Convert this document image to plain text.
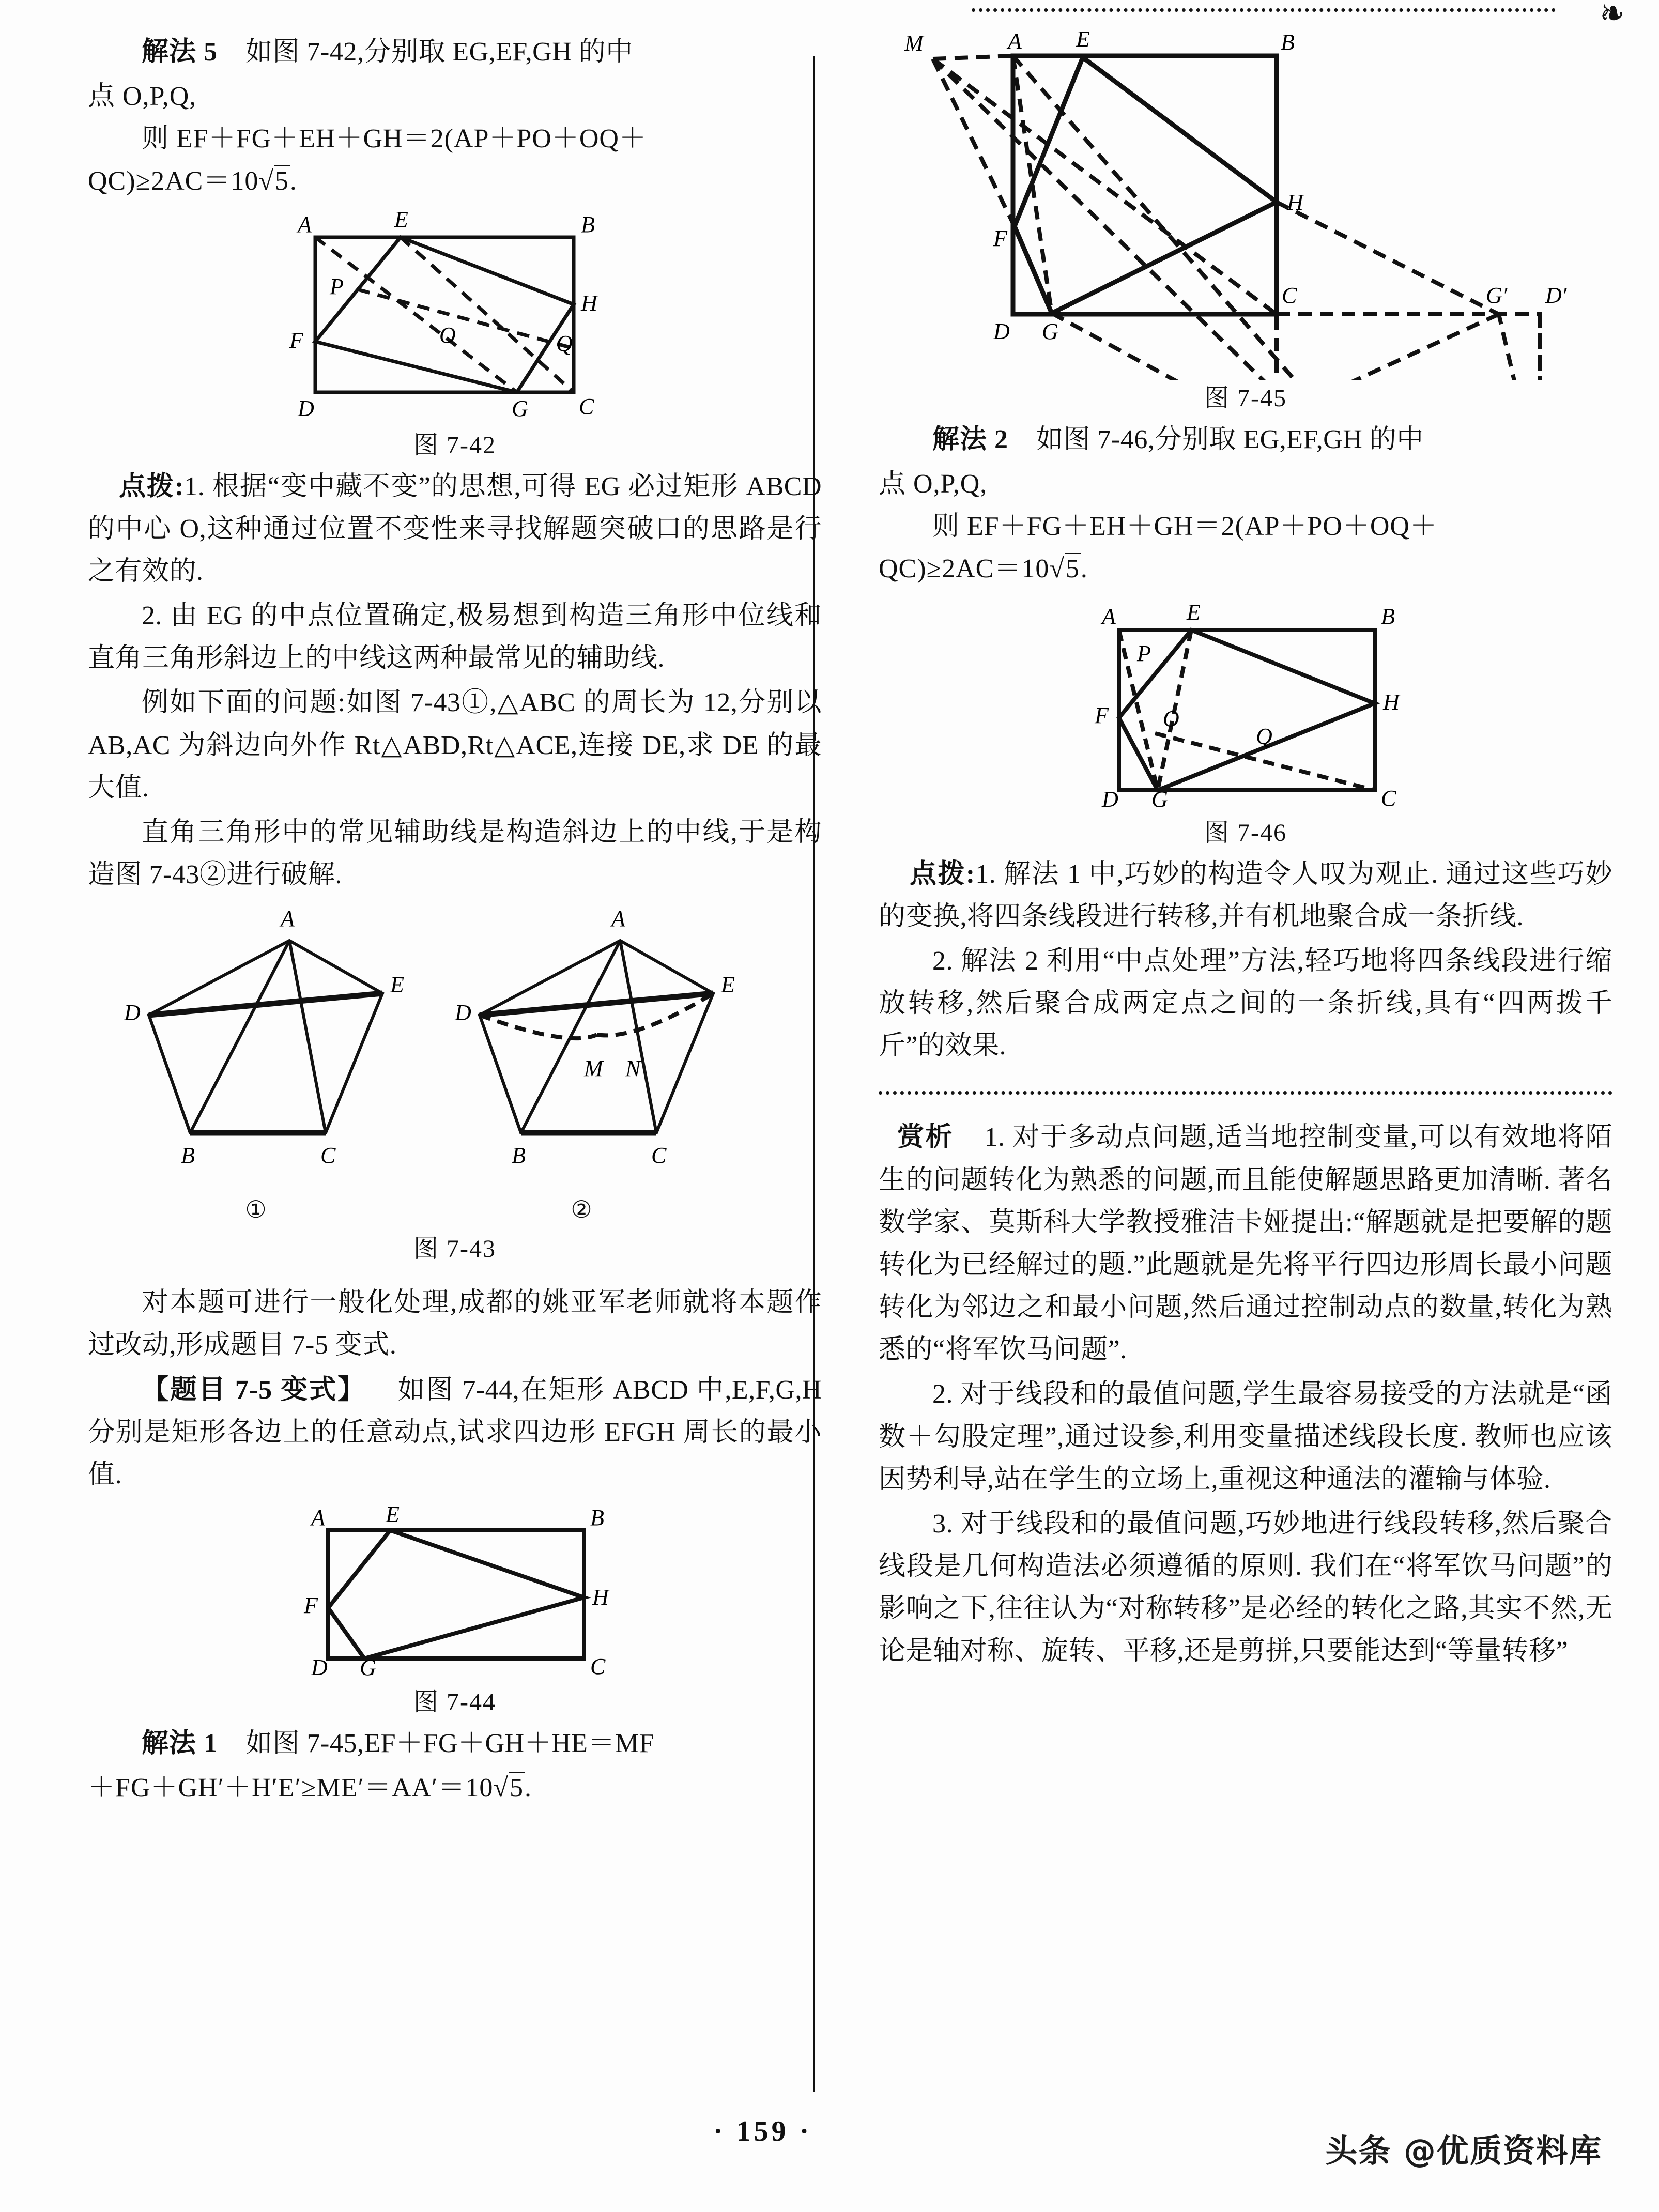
❧

解法 5 如图 7-42,分别取 EG,EF,GH 的中

点 O,P,Q,

则 EF＋FG＋EH＋GH＝2(AP＋PO＋OQ＋

QC)≥2AC＝10√5.

A	E	B
H
F
P
O	Q
D	G C
图 7-42

点拨:1. 根据“变中藏不变”的思想,可得 EG 必过矩形 ABCD 的中心 O,这种通过位置不变性来寻找解题突破口的思路是行之有效的.

2. 由 EG 的中点位置确定,极易想到构造三角形中位线和直角三角形斜边上的中线这两种最常见的辅助线.

例如下面的问题:如图 7-43①,△ABC 的周长为 12,分别以 AB,AC 为斜边向外作 Rt△ABD,Rt△ACE,连接 DE,求 DE 的最大值.

直角三角形中的常见辅助线是构造斜边上的中线,于是构造图 7-43②进行破解.

A
D
E
B	C
A
D
E
M N
B	C
①	②
图 7-43

对本题可进行一般化处理,成都的姚亚军老师就将本题作过改动,形成题目 7-5 变式.

【题目 7-5 变式】 如图 7-44,在矩形 ABCD 中,E,F,G,H 分别是矩形各边上的任意动点,试求四边形 EFGH 周长的最小值.

A	E	B
H
F
D G	C
图 7-44

解法 1 如图 7-45,EF＋FG＋GH＋HE＝MF

＋FG＋GH′＋H′E′≥ME′＝AA′＝10√5.

M	A E	B
H
F
C
D G
G′ D′
图 7-45

解法 2 如图 7-46,分别取 EG,EF,GH 的中

点 O,P,Q,

则 EF＋FG＋EH＋GH＝2(AP＋PO＋OQ＋

QC)≥2AC＝10√5.

A	E	B
H
P
F O
Q
D G	C
图 7-46

点拨:1. 解法 1 中,巧妙的构造令人叹为观止. 通过这些巧妙的变换,将四条线段进行转移,并有机地聚合成一条折线.

2. 解法 2 利用“中点处理”方法,轻巧地将四条线段进行缩放转移,然后聚合成两定点之间的一条折线,具有“四两拨千斤”的效果.

赏析 1. 对于多动点问题,适当地控制变量,可以有效地将陌生的问题转化为熟悉的问题,而且能使解题思路更加清晰. 著名数学家、莫斯科大学教授雅洁卡娅提出:“解题就是把要解的题转化为已经解过的题.”此题就是先将平行四边形周长最小问题转化为邻边之和最小问题,然后通过控制动点的数量,转化为熟悉的“将军饮马问题”.

2. 对于线段和的最值问题,学生最容易接受的方法就是“函数＋勾股定理”,通过设参,利用变量描述线段长度. 教师也应该因势利导,站在学生的立场上,重视这种通法的灌输与体验.

3. 对于线段和的最值问题,巧妙地进行线段转移,然后聚合线段是几何构造法必须遵循的原则. 我们在“将军饮马问题”的影响之下,往往认为“对称转移”是必经的转化之路,其实不然,无论是轴对称、旋转、平移,还是剪拼,只要能达到“等量转移”

· 159 ·
头条 @优质资料库
